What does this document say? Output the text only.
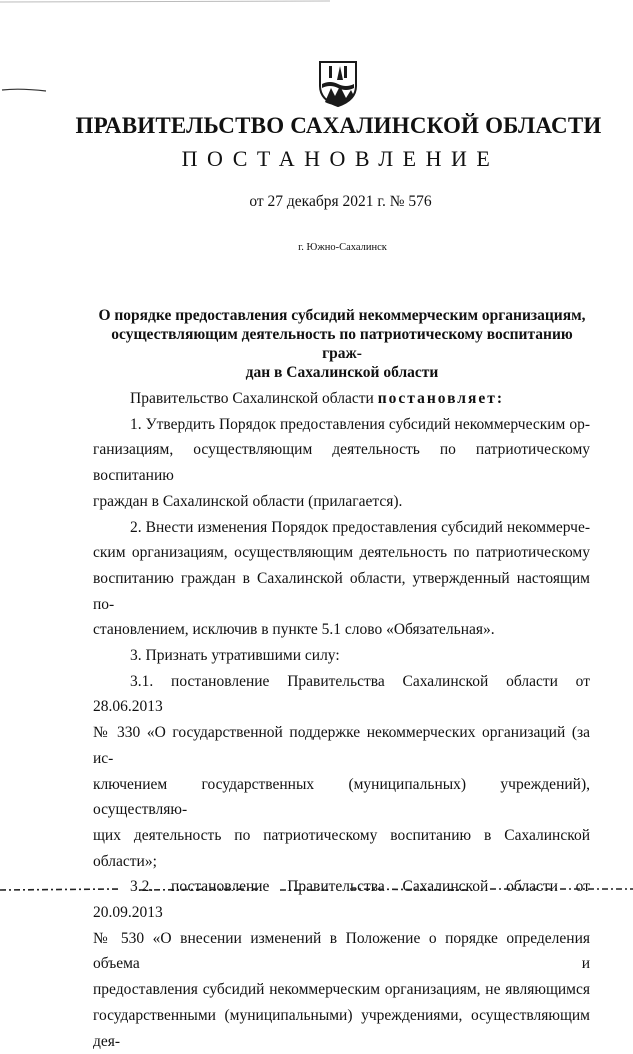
ПРАВИТЕЛЬСТВО САХАЛИНСКОЙ ОБЛАСТИ
ПОСТАНОВЛЕНИЕ
от 27 декабря 2021 г. № 576
г. Южно-Сахалинск
О порядке предоставления субсидий некоммерческим организациям,
осуществляющим деятельность по патриотическому воспитанию граж-
дан в Сахалинской области

Правительство Сахалинской области постановляет:

1. Утвердить Порядок предоставления субсидий некоммерческим ор-

ганизациям, осуществляющим деятельность по патриотическому воспитанию

граждан в Сахалинской области (прилагается).

2. Внести изменения Порядок предоставления субсидий некоммерче-

ским организациям, осуществляющим деятельность по патриотическому

воспитанию граждан в Сахалинской области, утвержденный настоящим по-

становлением, исключив в пункте 5.1 слово «Обязательная».

3. Признать утратившими силу:

3.1. постановление Правительства Сахалинской области от 28.06.2013

№ 330 «О государственной поддержке некоммерческих организаций (за ис-

ключением государственных (муниципальных) учреждений), осуществляю-

щих деятельность по патриотическому воспитанию в Сахалинской области»;

3.2. постановление Правительства Сахалинской области от 20.09.2013

№ 530 «О внесении изменений в Положение о порядке определения объема и

предоставления субсидий некоммерческим организациям, не являющимся

государственными (муниципальными) учреждениями, осуществляющим дея-
